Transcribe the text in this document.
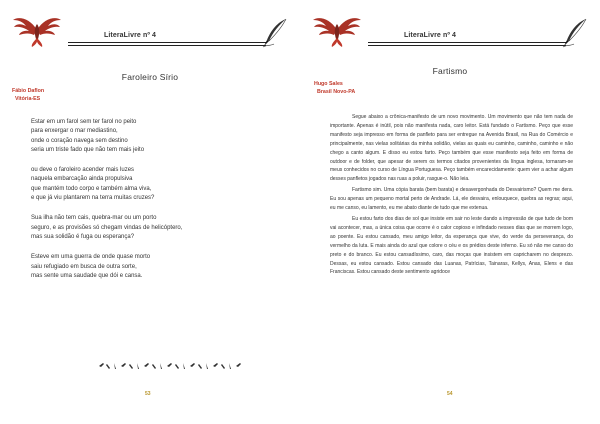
LiteraLivre nº 4
Faroleiro Sírio
Fábio Daflon
Vitória-ES
Estar em um farol sem ter farol no peito
para enxergar o mar mediastino,
onde o coração navega sem destino
seria um triste fado que não tem mais jeito
ou deve o faroleiro acender mais luzes
naquela embarcação ainda propulsiva
que mantém todo corpo e também alma viva,
e que já viu plantarem na terra muitas cruzes?
Sua ilha não tem cais, quebra-mar ou um porto
seguro, e as provisões só chegam vindas de helicóptero,
mas sua solidão é fuga ou esperança?
Esteve em uma guerra de onde quase morto
saiu refugiado em busca de outra sorte,
mas sente uma saudade que dói e cansa.
53
LiteraLivre nº 4
Fartismo
Hugo Sales
Brasil Novo-PA

Segue abaixo a crônica-manifesto de um novo movimento. Um movimento que não tem nada de importante. Apenas é inútil, pois não manifesta nada, caro leitor. Está fundado o Fartismo. Peço que esse manifesto seja impresso em forma de panfleto para ser entregue na Avenida Brasil, na Rua do Comércio e principalmente, nas vielas solitárias da minha solidão, vielas as quais eu caminho, caminho, caminho e não chego a canto algum. E disso eu estou farto. Peço também que esse manifesto seja feito em forma de outdoor e de folder, que apesar de serem os termos citados provenientes da língua inglesa, tornaram-se meus conhecidos no curso de Língua Portuguesa. Peço também encarecidamente: quem vier a achar algum desses panfletos jogados nas ruas a poluir, rasgue-o. Não leia.

Fartismo sim. Uma cópia barata (bem barata) e desavergonhada do Desvairismo? Quem me dera. Eu sou apenas um pequeno mortal perto de Andrade. Lá, ele desvaira, enlouquece, quebra as regras; aqui, eu me canso, eu lamento, eu me abato diante de tudo que me extenua.

Eu estou farto dos dias de sol que insiste em sair no leste dando a impressão de que tudo de bom vai acontecer, mas, a única coisa que ocorre é o calor copioso e infindado nesses dias que se morrem logo, ao poente. Eu estou cansado, meu amigo leitor, da esperança que vive, do verde da perseverança, do vermelho da luta. E mais ainda do azul que colore o céu e os prédios deste inferno. Eu só não me canso do preto e do branco. Eu estou cansadíssimo, caro, das moças que insistem em capricharem no desprezo. Dessas, eu estou cansado. Estou cansado das Luanas, Patrícias, Tainaras, Kellys, Anas, Elens e das Franciscas. Estou cansado deste sentimento agridoce

54
